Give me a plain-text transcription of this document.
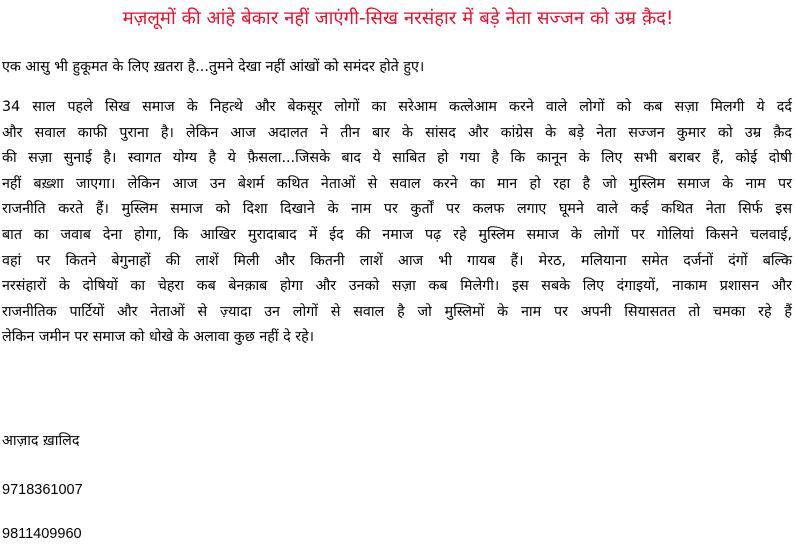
मज़लूमों की आंहे बेकार नहीं जाएंगी-सिख नरसंहार में बड़े नेता सज्जन को उम्र क़ैद!
एक आसु भी हुकूमत के लिए ख़तरा है...तुमने देखा नहीं आंखों को समंदर होते हुए।
34 साल पहले सिख समाज के निहत्थे और बेकसूर लोगों का सरेआम कत्लेआम करने वाले लोगों को कब सज़ा मिलगी ये दर्द
और सवाल काफी पुराना है। लेकिन आज अदालत ने तीन बार के सांसद और कांग्रेस के बड़े नेता सज्जन कुमार को उम्र क़ैद
की सज़ा सुनाई है। स्वागत योग्य है ये फ़ैसला...जिसके बाद ये साबित हो गया है कि कानून के लिए सभी बराबर हैं, कोई दोषी
नहीं बख़्शा जाएगा। लेकिन आज उन बेशर्म कथित नेताओं से सवाल करने का मान हो रहा है जो मुस्लिम समाज के नाम पर
राजनीति करते हैं। मुस्लिम समाज को दिशा दिखाने के नाम पर कुर्तों पर कलफ लगाए घूमने वाले कई कथित नेता सिर्फ इस
बात का जवाब देना होगा, कि आखिर मुरादाबाद में ईद की नमाज पढ़ रहे मुस्लिम समाज के लोगों पर गोलियां किसने चलवाई,
वहां पर कितने बेगुनाहों की लाशें मिली और कितनी लाशें आज भी गायब हैं। मेरठ, मलियाना समेत दर्जनों दंगों बल्कि
नरसंहारों के दोषियों का चेहरा कब बेनक़ाब होगा और उनको सज़ा कब मिलेगी। इस सबके लिए दंगाइयों, नाकाम प्रशासन और
राजनीतिक पार्टियों और नेताओं से ज़्यादा उन लोगों से सवाल है जो मुस्लिमों के नाम पर अपनी सियासतत तो चमका रहे हैं
लेकिन जमीन पर समाज को धोखे के अलावा कुछ नहीं दे रहे।
आज़ाद ख़ालिद
9718361007
9811409960
